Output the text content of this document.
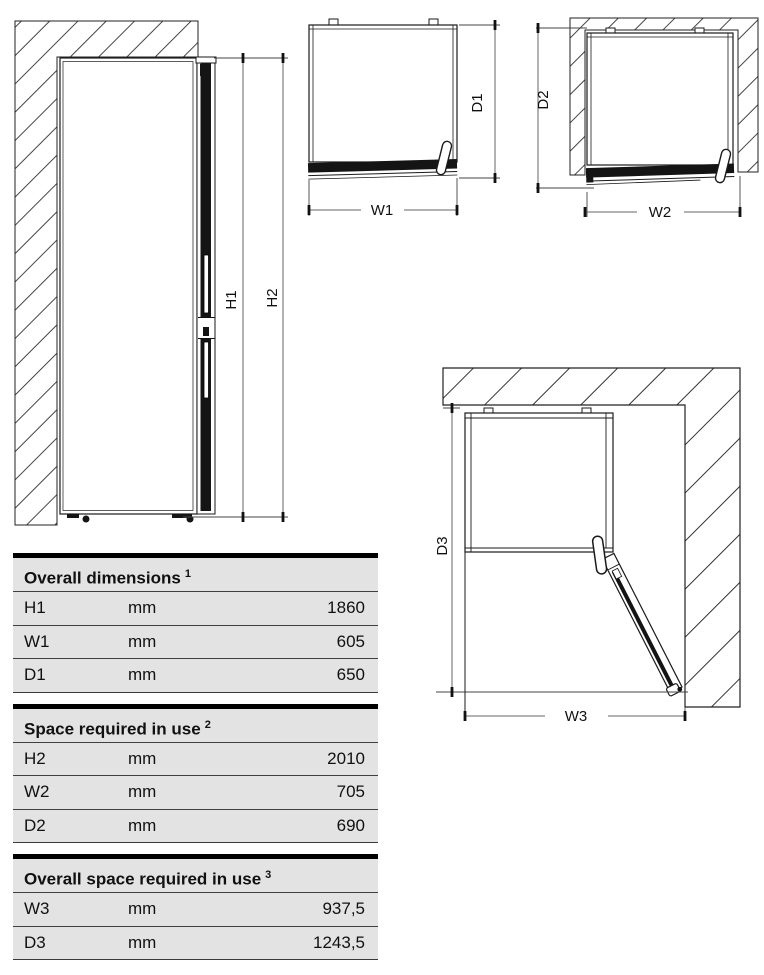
H1 H2
W1
D1	D2
W2
D3
W3
Overall dimensions $^1$
H1	mm	1860
W1	mm	605
D1	mm	650
Space required in use $^2$
H2	mm	2010
W2	mm	705
D2	mm	690
Overall space required in use $^3$
W3	mm	937,5
D3	mm	1243,5
